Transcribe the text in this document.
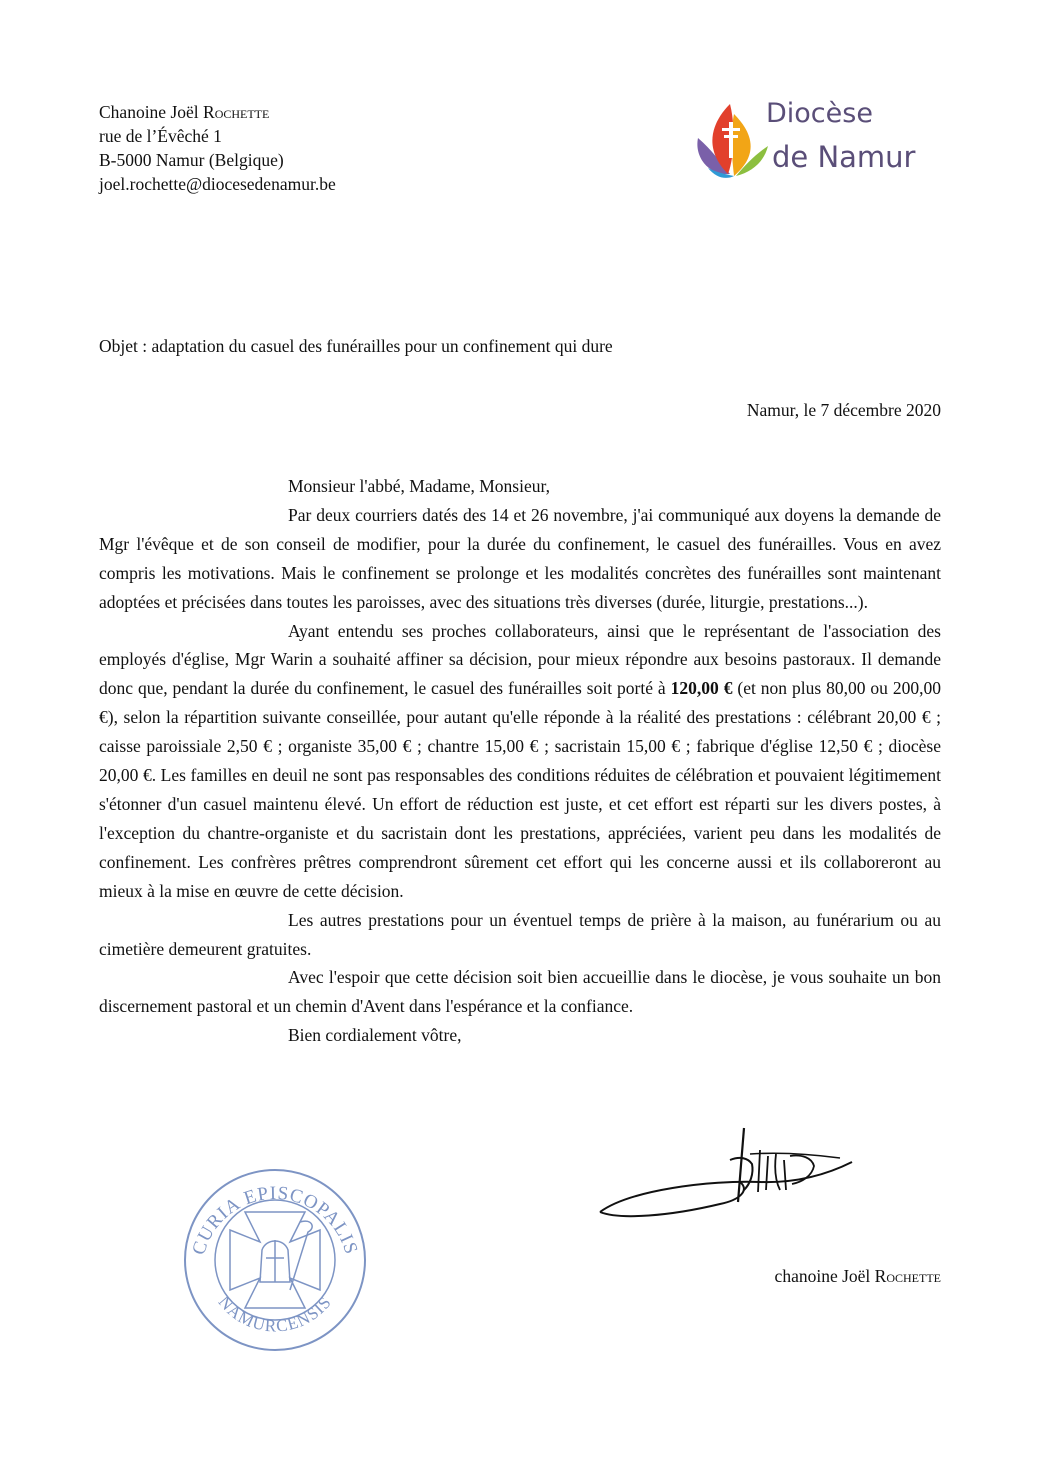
Chanoine Joël Rochette
rue de l’Évêché 1
B-5000 Namur (Belgique)
joel.rochette@diocesedenamur.be
Diocèse
de Namur
Objet : adaptation du casuel des funérailles pour un confinement qui dure
Namur, le 7 décembre 2020

Monsieur l'abbé, Madame, Monsieur,

Par deux courriers datés des 14 et 26 novembre, j'ai communiqué aux doyens la demande de Mgr l'évêque et de son conseil de modifier, pour la durée du confinement, le casuel des funérailles. Vous en avez compris les motivations. Mais le confinement se prolonge et les modalités concrètes des funérailles sont maintenant adoptées et précisées dans toutes les paroisses, avec des situations très diverses (durée, liturgie, prestations...).

Ayant entendu ses proches collaborateurs, ainsi que le représentant de l'association des employés d'église, Mgr Warin a souhaité affiner sa décision, pour mieux répondre aux besoins pastoraux. Il demande donc que, pendant la durée du confinement, le casuel des funérailles soit porté à 120,00 € (et non plus 80,00 ou 200,00 €), selon la répartition suivante conseillée, pour autant qu'elle réponde à la réalité des prestations : célébrant 20,00 € ; caisse paroissiale 2,50 € ; organiste 35,00 € ; chantre 15,00 € ; sacristain 15,00 € ; fabrique d'église 12,50 € ; diocèse 20,00 €. Les familles en deuil ne sont pas responsables des conditions réduites de célébration et pouvaient légitimement s'étonner d'un casuel maintenu élevé. Un effort de réduction est juste, et cet effort est réparti sur les divers postes, à l'exception du chantre-organiste et du sacristain dont les prestations, appréciées, varient peu dans les modalités de confinement. Les confrères prêtres comprendront sûrement cet effort qui les concerne aussi et ils collaboreront au mieux à la mise en œuvre de cette décision.

Les autres prestations pour un éventuel temps de prière à la maison, au funérarium ou au cimetière demeurent gratuites.

Avec l'espoir que cette décision soit bien accueillie dans le diocèse, je vous souhaite un bon discernement pastoral et un chemin d'Avent dans l'espérance et la confiance.

Bien cordialement vôtre,

chanoine Joël Rochette
CURIA EPISCOPALIS
NAMURCENSIS
